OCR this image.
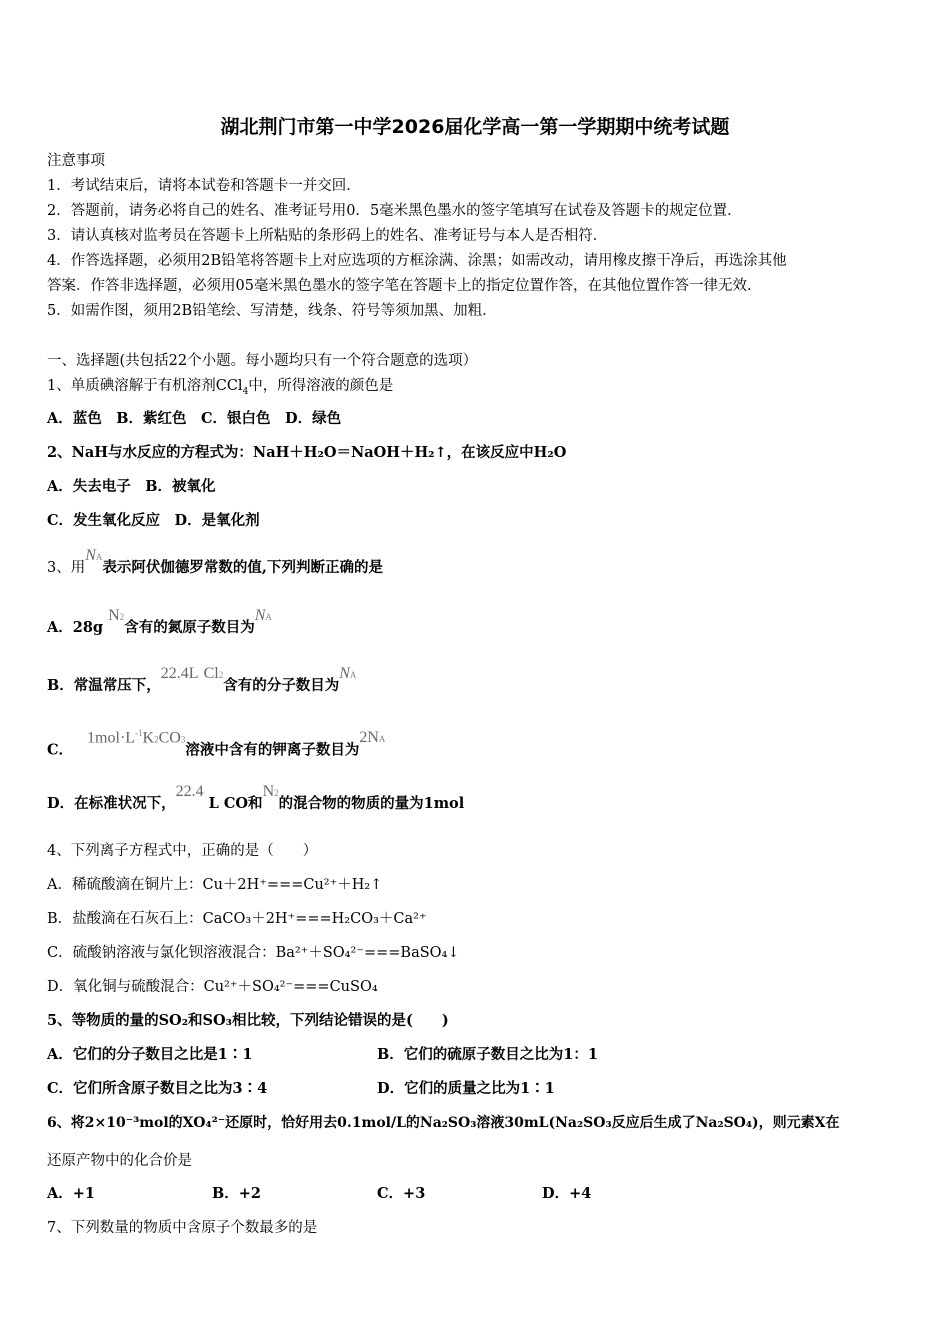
湖北荆门市第一中学2026届化学高一第一学期期中统考试题
注意事项
1．考试结束后，请将本试卷和答题卡一并交回．
2．答题前，请务必将自己的姓名、准考证号用0．5毫米黑色墨水的签字笔填写在试卷及答题卡的规定位置．
3．请认真核对监考员在答题卡上所粘贴的条形码上的姓名、准考证号与本人是否相符．
4．作答选择题，必须用2B铅笔将答题卡上对应选项的方框涂满、涂黑；如需改动，请用橡皮擦干净后，再选涂其他
答案．作答非选择题，必须用05毫米黑色墨水的签字笔在答题卡上的指定位置作答，在其他位置作答一律无效．
5．如需作图，须用2B铅笔绘、写清楚，线条、符号等须加黑、加粗．
一、选择题(共包括22个小题。每小题均只有一个符合题意的选项）
1、单质碘溶解于有机溶剂CCl$_4$中，所得溶液的颜色是
A．蓝色　B．紫红色　C．银白色　D．绿色
2、NaH与水反应的方程式为：NaH＋H₂O＝NaOH＋H₂↑，在该反应中H₂O
A．失去电子　B．被氧化
C．发生氧化反应　D．是氧化剂
3、用NA表示阿伏伽德罗常数的值,下列判断正确的是
A．28g N2含有的氮原子数目为NA
B．常温常压下，22.4L Cl2含有的分子数目为NA
C．$1mol\cdot L^{-1}K2CO3$溶液中含有的钾离子数目为2NA
D．在标准状况下，22.4 L CO和N2的混合物的物质的量为1mol
4、下列离子方程式中，正确的是（　　）
A．稀硫酸滴在铜片上：Cu＋2H⁺===Cu²⁺＋H₂↑
B．盐酸滴在石灰石上：CaCO₃＋2H⁺===H₂CO₃＋Ca²⁺
C．硫酸钠溶液与氯化钡溶液混合：Ba²⁺＋SO₄²⁻===BaSO₄↓
D．氧化铜与硫酸混合：Cu²⁺＋SO₄²⁻===CuSO₄
5、等物质的量的SO₂和SO₃相比较，下列结论错误的是(　　)
A．它们的分子数目之比是1∶1	B．它们的硫原子数目之比为1：1
C．它们所含原子数目之比为3∶4	D．它们的质量之比为1∶1
6、将2×10⁻³mol的XO₄²⁻还原时，恰好用去0.1mol/L的Na₂SO₃溶液30mL(Na₂SO₃反应后生成了Na₂SO₄)，则元素X在
还原产物中的化合价是
A．+1	B．+2	C．+3	D．+4
7、下列数量的物质中含原子个数最多的是
